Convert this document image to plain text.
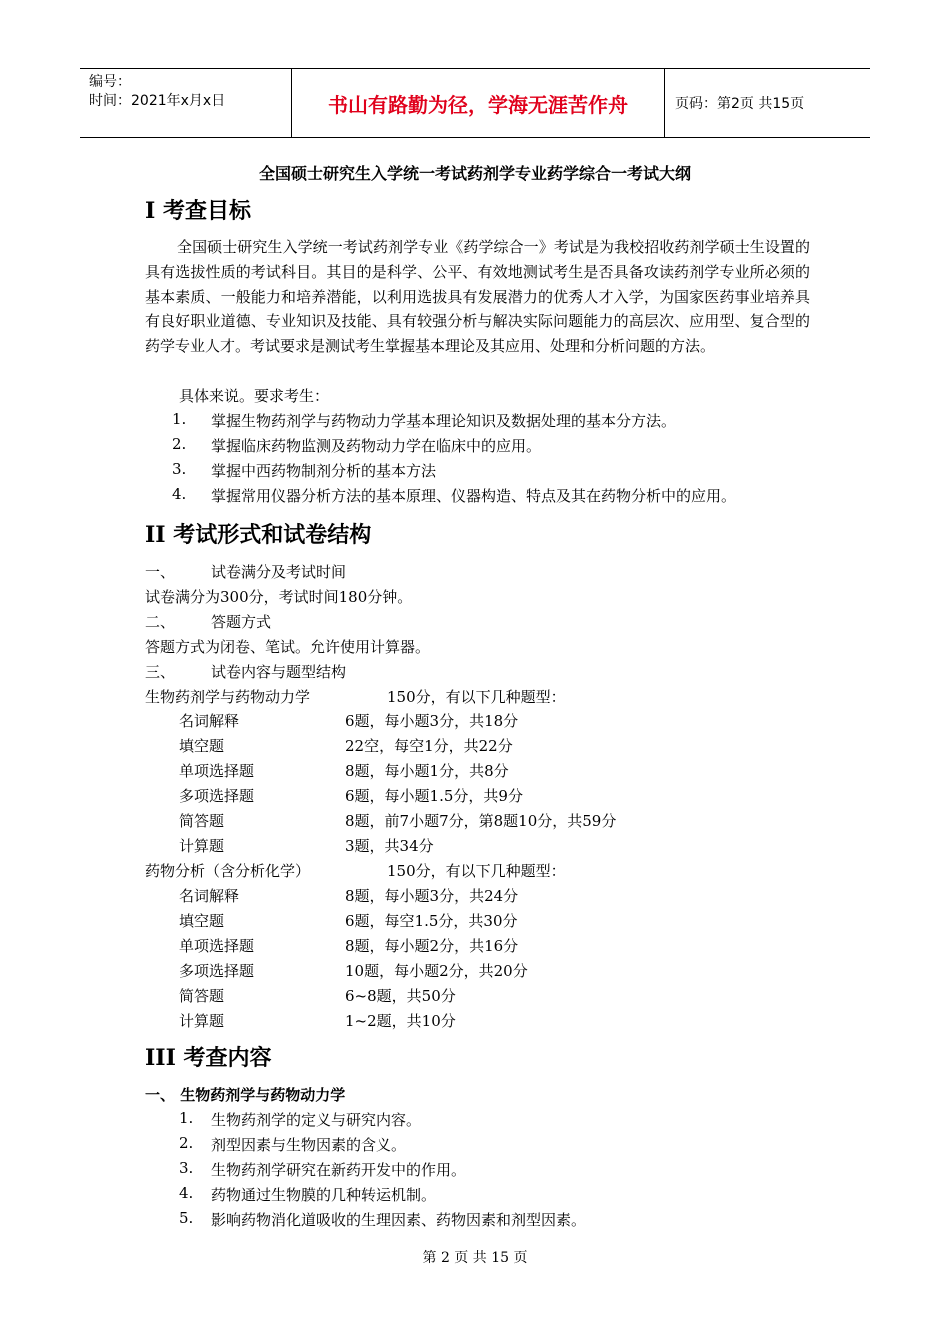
编号：
时间：2021年x月x日	书山有路勤为径，学海无涯苦作舟	页码：第2页 共15页
全国硕士研究生入学统一考试药剂学专业药学综合一考试大纲
I 考查目标
全国硕士研究生入学统一考试药剂学专业《药学综合一》考试是为我校招收药剂学硕士生设置的具有选拔性质的考试科目。其目的是科学、公平、有效地测试考生是否具备攻读药剂学专业所必须的基本素质、一般能力和培养潜能，以利用选拔具有发展潜力的优秀人才入学，为国家医药事业培养具有良好职业道德、专业知识及技能、具有较强分析与解决实际问题能力的高层次、应用型、复合型的药学专业人才。考试要求是测试考生掌握基本理论及其应用、处理和分析问题的方法。
具体来说。要求考生：
1. 掌握生物药剂学与药物动力学基本理论知识及数据处理的基本分方法。
2. 掌握临床药物监测及药物动力学在临床中的应用。
3. 掌握中西药物制剂分析的基本方法
4. 掌握常用仪器分析方法的基本原理、仪器构造、特点及其在药物分析中的应用。
II 考试形式和试卷结构
一、 试卷满分及考试时间
试卷满分为300分，考试时间180分钟。
二、 答题方式
答题方式为闭卷、笔试。允许使用计算器。
三、 试卷内容与题型结构
生物药剂学与药物动力学	150分，有以下几种题型：
名词解释	6题，每小题3分，共18分
填空题	22空，每空1分，共22分
单项选择题	8题，每小题1分，共8分
多项选择题	6题，每小题1.5分，共9分
简答题	8题，前7小题7分，第8题10分，共59分
计算题	3题，共34分
药物分析（含分析化学）	150分，有以下几种题型：
名词解释	8题，每小题3分，共24分
填空题	6题，每空1.5分，共30分
单项选择题	8题，每小题2分，共16分
多项选择题	10题，每小题2分，共20分
简答题	6~8题，共50分
计算题	1~2题，共10分
III 考查内容
一、 生物药剂学与药物动力学
1. 生物药剂学的定义与研究内容。
2. 剂型因素与生物因素的含义。
3. 生物药剂学研究在新药开发中的作用。
4. 药物通过生物膜的几种转运机制。
5. 影响药物消化道吸收的生理因素、药物因素和剂型因素。
第 2 页 共 15 页
